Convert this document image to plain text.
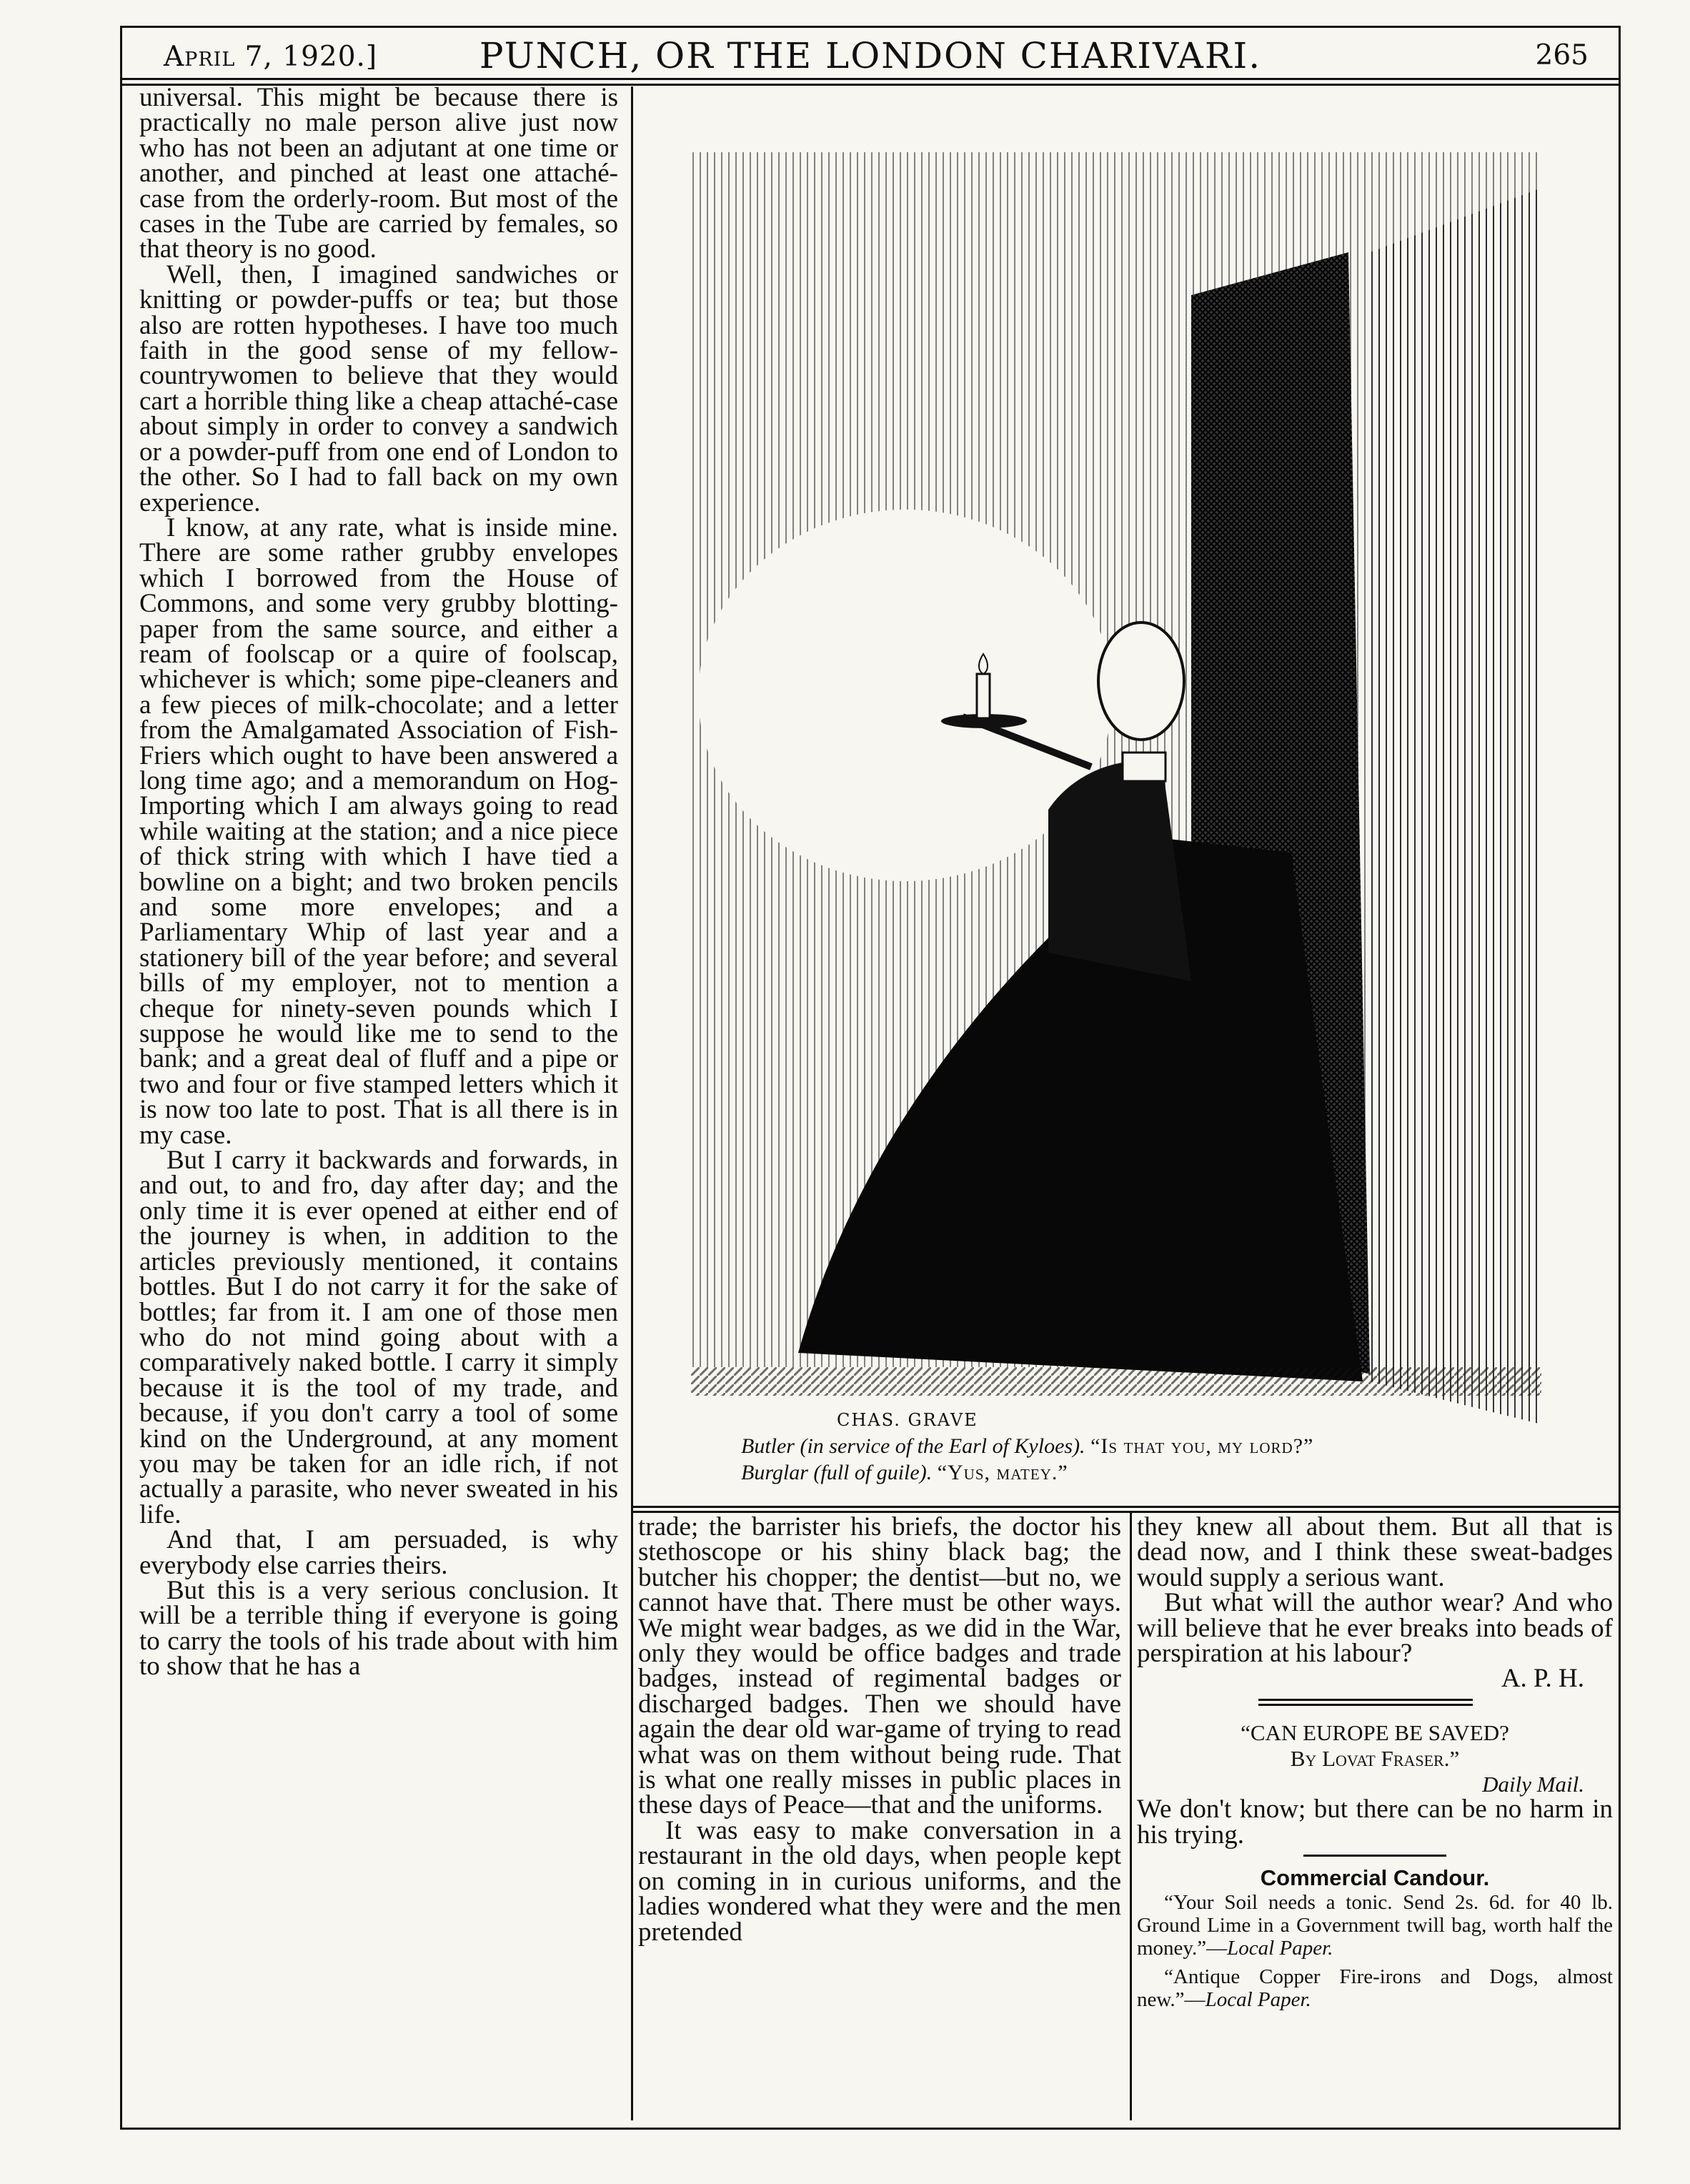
April 7, 1920.]	PUNCH, OR THE LONDON CHARIVARI.	265

universal. This might be because there is practically no male person alive just now who has not been an adjutant at one time or another, and pinched at least one attaché-case from the orderly-room. But most of the cases in the Tube are carried by females, so that theory is no good.

Well, then, I imagined sandwiches or knitting or powder-puffs or tea; but those also are rotten hypotheses. I have too much faith in the good sense of my fellow-countrywomen to believe that they would cart a horrible thing like a cheap attaché-case about simply in order to convey a sandwich or a powder-puff from one end of London to the other. So I had to fall back on my own experience.

I know, at any rate, what is inside mine. There are some rather grubby envelopes which I borrowed from the House of Commons, and some very grubby blotting-paper from the same source, and either a ream of foolscap or a quire of foolscap, whichever is which; some pipe-cleaners and a few pieces of milk-chocolate; and a letter from the Amalgamated Association of Fish-Friers which ought to have been answered a long time ago; and a memorandum on Hog-Importing which I am always going to read while waiting at the station; and a nice piece of thick string with which I have tied a bowline on a bight; and two broken pencils and some more envelopes; and a Parliamentary Whip of last year and a stationery bill of the year before; and several bills of my employer, not to mention a cheque for ninety-seven pounds which I suppose he would like me to send to the bank; and a great deal of fluff and a pipe or two and four or five stamped letters which it is now too late to post. That is all there is in my case.

But I carry it backwards and forwards, in and out, to and fro, day after day; and the only time it is ever opened at either end of the journey is when, in addition to the articles previously mentioned, it contains bottles. But I do not carry it for the sake of bottles; far from it. I am one of those men who do not mind going about with a comparatively naked bottle. I carry it simply because it is the tool of my trade, and because, if you don't carry a tool of some kind on the Underground, at any moment you may be taken for an idle rich, if not actually a parasite, who never sweated in his life.

And that, I am persuaded, is why everybody else carries theirs.

But this is a very serious conclusion. It will be a terrible thing if everyone is going to carry the tools of his trade about with him to show that he has a

CHAS. GRAVE
Butler (in service of the Earl of Kyloes). “Is that you, my lord?”
Burglar (full of guile). “Yus, matey.”

trade; the barrister his briefs, the doctor his stethoscope or his shiny black bag; the butcher his chopper; the dentist—but no, we cannot have that. There must be other ways. We might wear badges, as we did in the War, only they would be office badges and trade badges, instead of regimental badges or discharged badges. Then we should have again the dear old war-game of trying to read what was on them without being rude. That is what one really misses in public places in these days of Peace—that and the uniforms.

It was easy to make conversation in a restaurant in the old days, when people kept on coming in in curious uniforms, and the ladies wondered what they were and the men pretended

they knew all about them. But all that is dead now, and I think these sweat-badges would supply a serious want.

But what will the author wear? And who will believe that he ever breaks into beads of perspiration at his labour?

A. P. H.
“CAN EUROPE BE SAVED?
By Lovat Fraser.”
Daily Mail.

We don't know; but there can be no harm in his trying.

Commercial Candour.

“Your Soil needs a tonic. Send 2s. 6d. for 40 lb. Ground Lime in a Government twill bag, worth half the money.”—Local Paper.

“Antique Copper Fire-irons and Dogs, almost new.”—Local Paper.
